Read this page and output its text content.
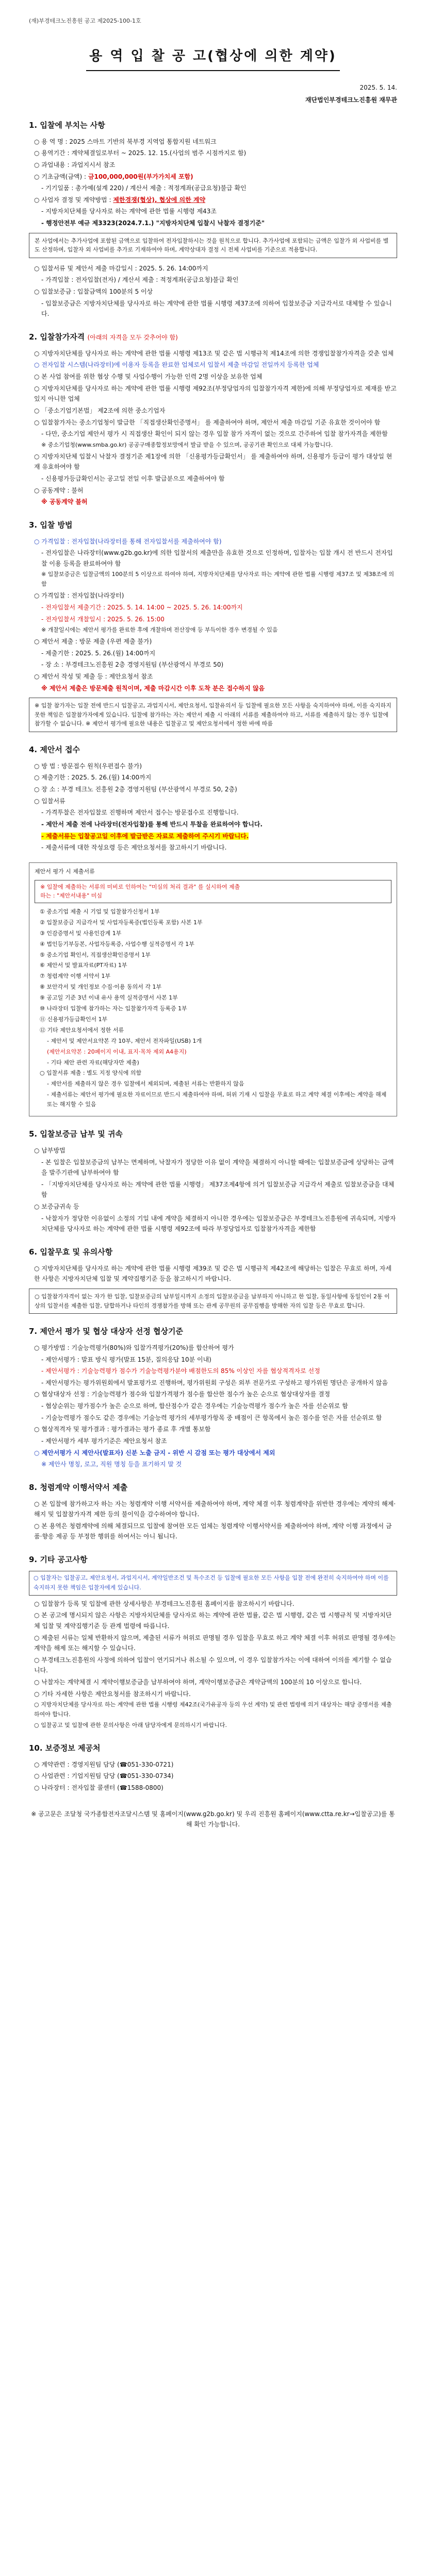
(재)부경테크노진흥원 공고 제2025-100-1호
용 역 입 찰 공 고(협상에 의한 계약)
2025. 5. 14.
재단법인부경테크노진흥원 재무관
1. 입찰에 부치는 사항
○ 용 역 명 : 2025 스마트 기반의 북부경 지역업 통합지원 네트워크
○ 용역기간 : 계약체결일로부터 ~ 2025. 12. 15.(사업의 범주 시점까지로 함)
○ 과업내용 : 과업지시서 참조
○ 기초금액(금액) : 금100,000,000원(부가가치세 포함)
- 기기일품 : 총가예(설계 220) / 계산서 제출 : 적정계좌(공급요청)불급 확인
○ 사업자 결정 및 계약방법 : 제한경쟁(협상), 협상에 의한 계약
- 지방자치단체를 당사자로 하는 계약에 관한 법률 시행령 제43조
- 행정안전부 예규 제3323(2024.7.1.) "지방자치단체 입찰시 낙찰자 결정기준"
본 사업에서는 추가사업에 포함된 금액으로 입찰하여 전자입찰하시는 것을 원칙으로 합니다. 추가사업에 포함되는 금액은 입찰가 외 사업비를 별도 산정하며, 입찰자 외 사업비를 추가로 기재하여야 하며, 계약상대자 결정 시 전체 사업비를 기준으로 적용합니다.
○ 입찰서류 및 제안서 제출 마감일시 : 2025. 5. 26. 14:00까지
- 가격입찰 : 전자입찰(전자) / 계산서 제출 : 적정계좌(공급요청)불급 확인
○ 입찰보증금 : 입찰금액의 100분의 5 이상
- 입찰보증금은 지방자치단체를 당사자로 하는 계약에 관한 법률 시행령 제37조에 의하여 입찰보증금 지급각서로 대체할 수 있습니다.
2. 입찰참가자격 (아래의 자격을 모두 갖추어야 함)
○ 지방자치단체를 당사자로 하는 계약에 관한 법률 시행령 제13조 및 같은 법 시행규칙 제14조에 의한 경쟁입찰참가자격을 갖춘 업체
○ 전자입찰 시스템(나라장터)에 이용자 등록을 완료한 업체로서 입찰서 제출 마감일 전일까지 등록한 업체
○ 본 사업 참여를 위한 협상 수행 및 사업수행이 가능한 인력 2명 이상을 보유한 업체
○ 지방자치단체를 당사자로 하는 계약에 관한 법률 시행령 제92조(부정당업자의 입찰참가자격 제한)에 의해 부정당업자로 제재를 받고 있지 아니한 업체
○ 「중소기업기본법」 제2조에 의한 중소기업자
○ 입찰참가자는 중소기업청이 발급한 「직접생산확인증명서」 를 제출하여야 하며, 제안서 제출 마감일 기준 유효한 것이어야 함
- 다만, 중소기업 제안서 평가 시 직접생산 확인이 되지 않는 경우 입찰 참가 자격이 없는 것으로 간주하여 입찰 참가자격을 제한함
※ 중소기업청(www.smba.go.kr) 공공구매종합정보망에서 발급 받을 수 있으며, 공공기관 확인으로 대체 가능합니다.
○ 지방자치단체 입찰시 낙찰자 결정기준 제1장에 의한 「신용평가등급확인서」 를 제출하여야 하며, 신용평가 등급이 평가 대상일 현재 유효하여야 함
- 신용평가등급확인서는 공고일 전일 이후 발급분으로 제출하여야 함
○ 공동계약 : 불허
※ 공동계약 불허
3. 입찰 방법
○ 가격입찰 : 전자입찰(나라장터를 통해 전자입찰서를 제출하여야 함)
- 전자입찰은 나라장터(www.g2b.go.kr)에 의한 입찰서의 제출만을 유효한 것으로 인정하며, 입찰자는 입찰 개시 전 반드시 전자입찰 이용 등록을 완료하여야 함
※ 입찰보증금은 입찰금액의 100분의 5 이상으로 하여야 하며, 지방자치단체를 당사자로 하는 계약에 관한 법률 시행령 제37조 및 제38조에 의함
○ 가격입찰 : 전자입찰(나라장터)
- 전자입찰서 제출기간 : 2025. 5. 14. 14:00 ~ 2025. 5. 26. 14:00까지
- 전자입찰서 개찰일시 : 2025. 5. 26. 15:00
※ 개찰일시에는 제안서 평가를 완료한 후에 개찰하며 전산장애 등 부득이한 경우 변경될 수 있음
○ 제안서 제출 : 방문 제출 (우편 제출 불가)
- 제출기한 : 2025. 5. 26.(월) 14:00까지
- 장 소 : 부경테크노진흥원 2층 경영지원팀 (부산광역시 부경로 50)
○ 제안서 작성 및 제출 등 : 제안요청서 참조
※ 제안서 제출은 방문제출 원칙이며, 제출 마감시간 이후 도착 분은 접수하지 않음
※ 입찰 참가자는 입찰 전에 반드시 입찰공고, 과업지시서, 제안요청서, 입찰유의서 등 입찰에 필요한 모든 사항을 숙지하여야 하며, 이를 숙지하지 못한 책임은 입찰참가자에게 있습니다. 입찰에 참가하는 자는 제안서 제출 시 아래의 서류를 제출하여야 하고, 서류를 제출하지 않는 경우 입찰에 참가할 수 없습니다. ※ 제안서 평가에 필요한 내용은 입찰공고 및 제안요청서에서 정한 바에 따름
4. 제안서 접수
○ 방 법 : 방문접수 원칙(우편접수 불가)
○ 제출기한 : 2025. 5. 26.(월) 14:00까지
○ 장 소 : 부경 테크노 진흥원 2층 경영지원팀 (부산광역시 부경로 50, 2층)
○ 입찰서류
- 가격투찰은 전자입찰로 진행하며 제안서 접수는 방문접수로 진행합니다.
- 제안서 제출 전에 나라장터(전자입찰)를 통해 반드시 투찰을 완료하여야 합니다.
- 제출서류는 입찰공고일 이후에 발급받은 자료로 제출하여 주시기 바랍니다.
- 제출서류에 대한 작성요령 등은 제안요청서를 참고하시기 바랍니다.
제안서 평가 시 제출서류
※ 입찰에 제출하는 서류의 미비로 인하여는 "미심의 처리 결과" 를 실시하여 제출
하는 : "제안서내용" 미심
① 중소기업 제출 시 기업 및 입찰참가신청서 1부
② 입찰보증금 지급각서 및 사업자등록증(법인등록 포함) 사본 1부
③ 인감증명서 및 사용인감계 1부
④ 법인등기부등본, 사업자등록증, 사업수행 실적증명서 각 1부
⑤ 중소기업 확인서, 직접생산확인증명서 1부
⑥ 제안서 및 발표자료(PT자료) 1부
⑦ 청렴계약 이행 서약서 1부
⑧ 보안각서 및 개인정보 수집·이용 동의서 각 1부
⑨ 공고일 기준 3년 이내 유사 용역 실적증명서 사본 1부
⑩ 나라장터 입찰에 참가하는 자는 입찰참가자격 등록증 1부
⑪ 신용평가등급확인서 1부
⑫ 기타 제안요청서에서 정한 서류
- 제안서 및 제안서요약본 각 10부, 제안서 전자파일(USB) 1개
(제안서요약본 : 20페이지 이내, 표지·목차 제외 A4용지)
- 기타 제안 관련 자료(해당자만 제출)
○ 입찰서류 제출 : 별도 지정 양식에 의함
- 제안서를 제출하지 않은 경우 입찰에서 제외되며, 제출된 서류는 반환하지 않음
- 제출서류는 제안서 평가에 필요한 자료이므로 반드시 제출하여야 하며, 허위 기재 시 입찰을 무효로 하고 계약 체결 이후에는 계약을 해제 또는 해지할 수 있음
5. 입찰보증금 납부 및 귀속
○ 납부방법
- 본 입찰은 입찰보증금의 납부는 면제하며, 낙찰자가 정당한 이유 없이 계약을 체결하지 아니할 때에는 입찰보증금에 상당하는 금액을 발주기관에 납부하여야 함
- 「지방자치단체를 당사자로 하는 계약에 관한 법률 시행령」 제37조제4항에 의거 입찰보증금 지급각서 제출로 입찰보증금을 대체함
○ 보증금귀속 등
- 낙찰자가 정당한 이유없이 소정의 기일 내에 계약을 체결하지 아니한 경우에는 입찰보증금은 부경테크노진흥원에 귀속되며, 지방자치단체를 당사자로 하는 계약에 관한 법률 시행령 제92조에 따라 부정당업자로 입찰참가자격을 제한함
6. 입찰무효 및 유의사항
○ 지방자치단체를 당사자로 하는 계약에 관한 법률 시행령 제39조 및 같은 법 시행규칙 제42조에 해당하는 입찰은 무효로 하며, 자세한 사항은 지방자치단체 입찰 및 계약집행기준 등을 참고하시기 바랍니다.
○ 입찰참가자격이 없는 자가 한 입찰, 입찰보증금의 납부일시까지 소정의 입찰보증금을 납부하지 아니하고 한 입찰, 동일사항에 동일인이 2통 이상의 입찰서를 제출한 입찰, 담합하거나 타인의 경쟁참가를 방해 또는 관계 공무원의 공무집행을 방해한 자의 입찰 등은 무효로 합니다.
7. 제안서 평가 및 협상 대상자 선정 협상기준
○ 평가방법 : 기술능력평가(80%)와 입찰가격평가(20%)를 합산하여 평가
- 제안서평가 : 발표 방식 평가(발표 15분, 질의응답 10분 이내)
- 제안서평가 : 기술능력평가 점수가 기술능력평가분야 배점한도의 85% 이상인 자를 협상적격자로 선정
- 제안서평가는 평가위원회에서 발표평가로 진행하며, 평가위원회 구성은 외부 전문가로 구성하고 평가위원 명단은 공개하지 않음
○ 협상대상자 선정 : 기술능력평가 점수와 입찰가격평가 점수를 합산한 점수가 높은 순으로 협상대상자를 결정
- 협상순위는 평가점수가 높은 순으로 하며, 합산점수가 같은 경우에는 기술능력평가 점수가 높은 자를 선순위로 함
- 기술능력평가 점수도 같은 경우에는 기술능력 평가의 세부평가항목 중 배점이 큰 항목에서 높은 점수를 얻은 자를 선순위로 함
○ 협상적격자 및 평가결과 : 평가결과는 평가 종료 후 개별 통보함
- 제안서평가 세부 평가기준은 제안요청서 참조
○ 제안서평가 시 제안사(발표자) 신분 노출 금지 - 위반 시 감점 또는 평가 대상에서 제외
※ 제안사 명칭, 로고, 직원 명칭 등을 표기하지 말 것
8. 청렴계약 이행서약서 제출
○ 본 입찰에 참가하고자 하는 자는 청렴계약 이행 서약서를 제출하여야 하며, 계약 체결 이후 청렴계약을 위반한 경우에는 계약의 해제·해지 및 입찰참가자격 제한 등의 불이익을 감수하여야 합니다.
○ 본 용역은 청렴계약에 의해 체결되므로 입찰에 참여한 모든 업체는 청렴계약 이행서약서를 제출하여야 하며, 계약 이행 과정에서 금품·향응 제공 등 부정한 행위를 하여서는 아니 됩니다.
9. 기타 공고사항
○ 입찰자는 입찰공고, 제안요청서, 과업지시서, 계약일반조건 및 특수조건 등 입찰에 필요한 모든 사항을 입찰 전에 완전히 숙지하여야 하며 이를 숙지하지 못한 책임은 입찰자에게 있습니다.
○ 입찰참가 등록 및 입찰에 관한 상세사항은 부경테크노진흥원 홈페이지를 참조하시기 바랍니다.
○ 본 공고에 명시되지 않은 사항은 지방자치단체를 당사자로 하는 계약에 관한 법률, 같은 법 시행령, 같은 법 시행규칙 및 지방자치단체 입찰 및 계약집행기준 등 관계 법령에 따릅니다.
○ 제출된 서류는 일체 반환하지 않으며, 제출된 서류가 허위로 판명될 경우 입찰을 무효로 하고 계약 체결 이후 허위로 판명될 경우에는 계약을 해제 또는 해지할 수 있습니다.
○ 부경테크노진흥원의 사정에 의하여 입찰이 연기되거나 취소될 수 있으며, 이 경우 입찰참가자는 이에 대하여 이의를 제기할 수 없습니다.
○ 낙찰자는 계약체결 시 계약이행보증금을 납부하여야 하며, 계약이행보증금은 계약금액의 100분의 10 이상으로 합니다.
○ 기타 자세한 사항은 제안요청서를 참조하시기 바랍니다.
○ 지방자치단체를 당사자로 하는 계약에 관한 법률 시행령 제42조(국가유공자 등의 우선 계약) 및 관련 법령에 의거 대상자는 해당 증명서를 제출하여야 합니다.
○ 입찰공고 및 입찰에 관한 문의사항은 아래 담당자에게 문의하시기 바랍니다.
10. 보증정보 제공처
○ 계약관련 : 경영지원팀 담당 (☎051-330-0721)
○ 사업관련 : 기업지원팀 담당 (☎051-330-0734)
○ 나라장터 : 전자입찰 콜센터 (☎1588-0800)
※ 공고문은 조달청 국가종합전자조달시스템 및 홈페이지(www.g2b.go.kr) 및 우리 진흥원 홈페이지(www.ctta.re.kr→입찰공고)를 통해 확인 가능합니다.
